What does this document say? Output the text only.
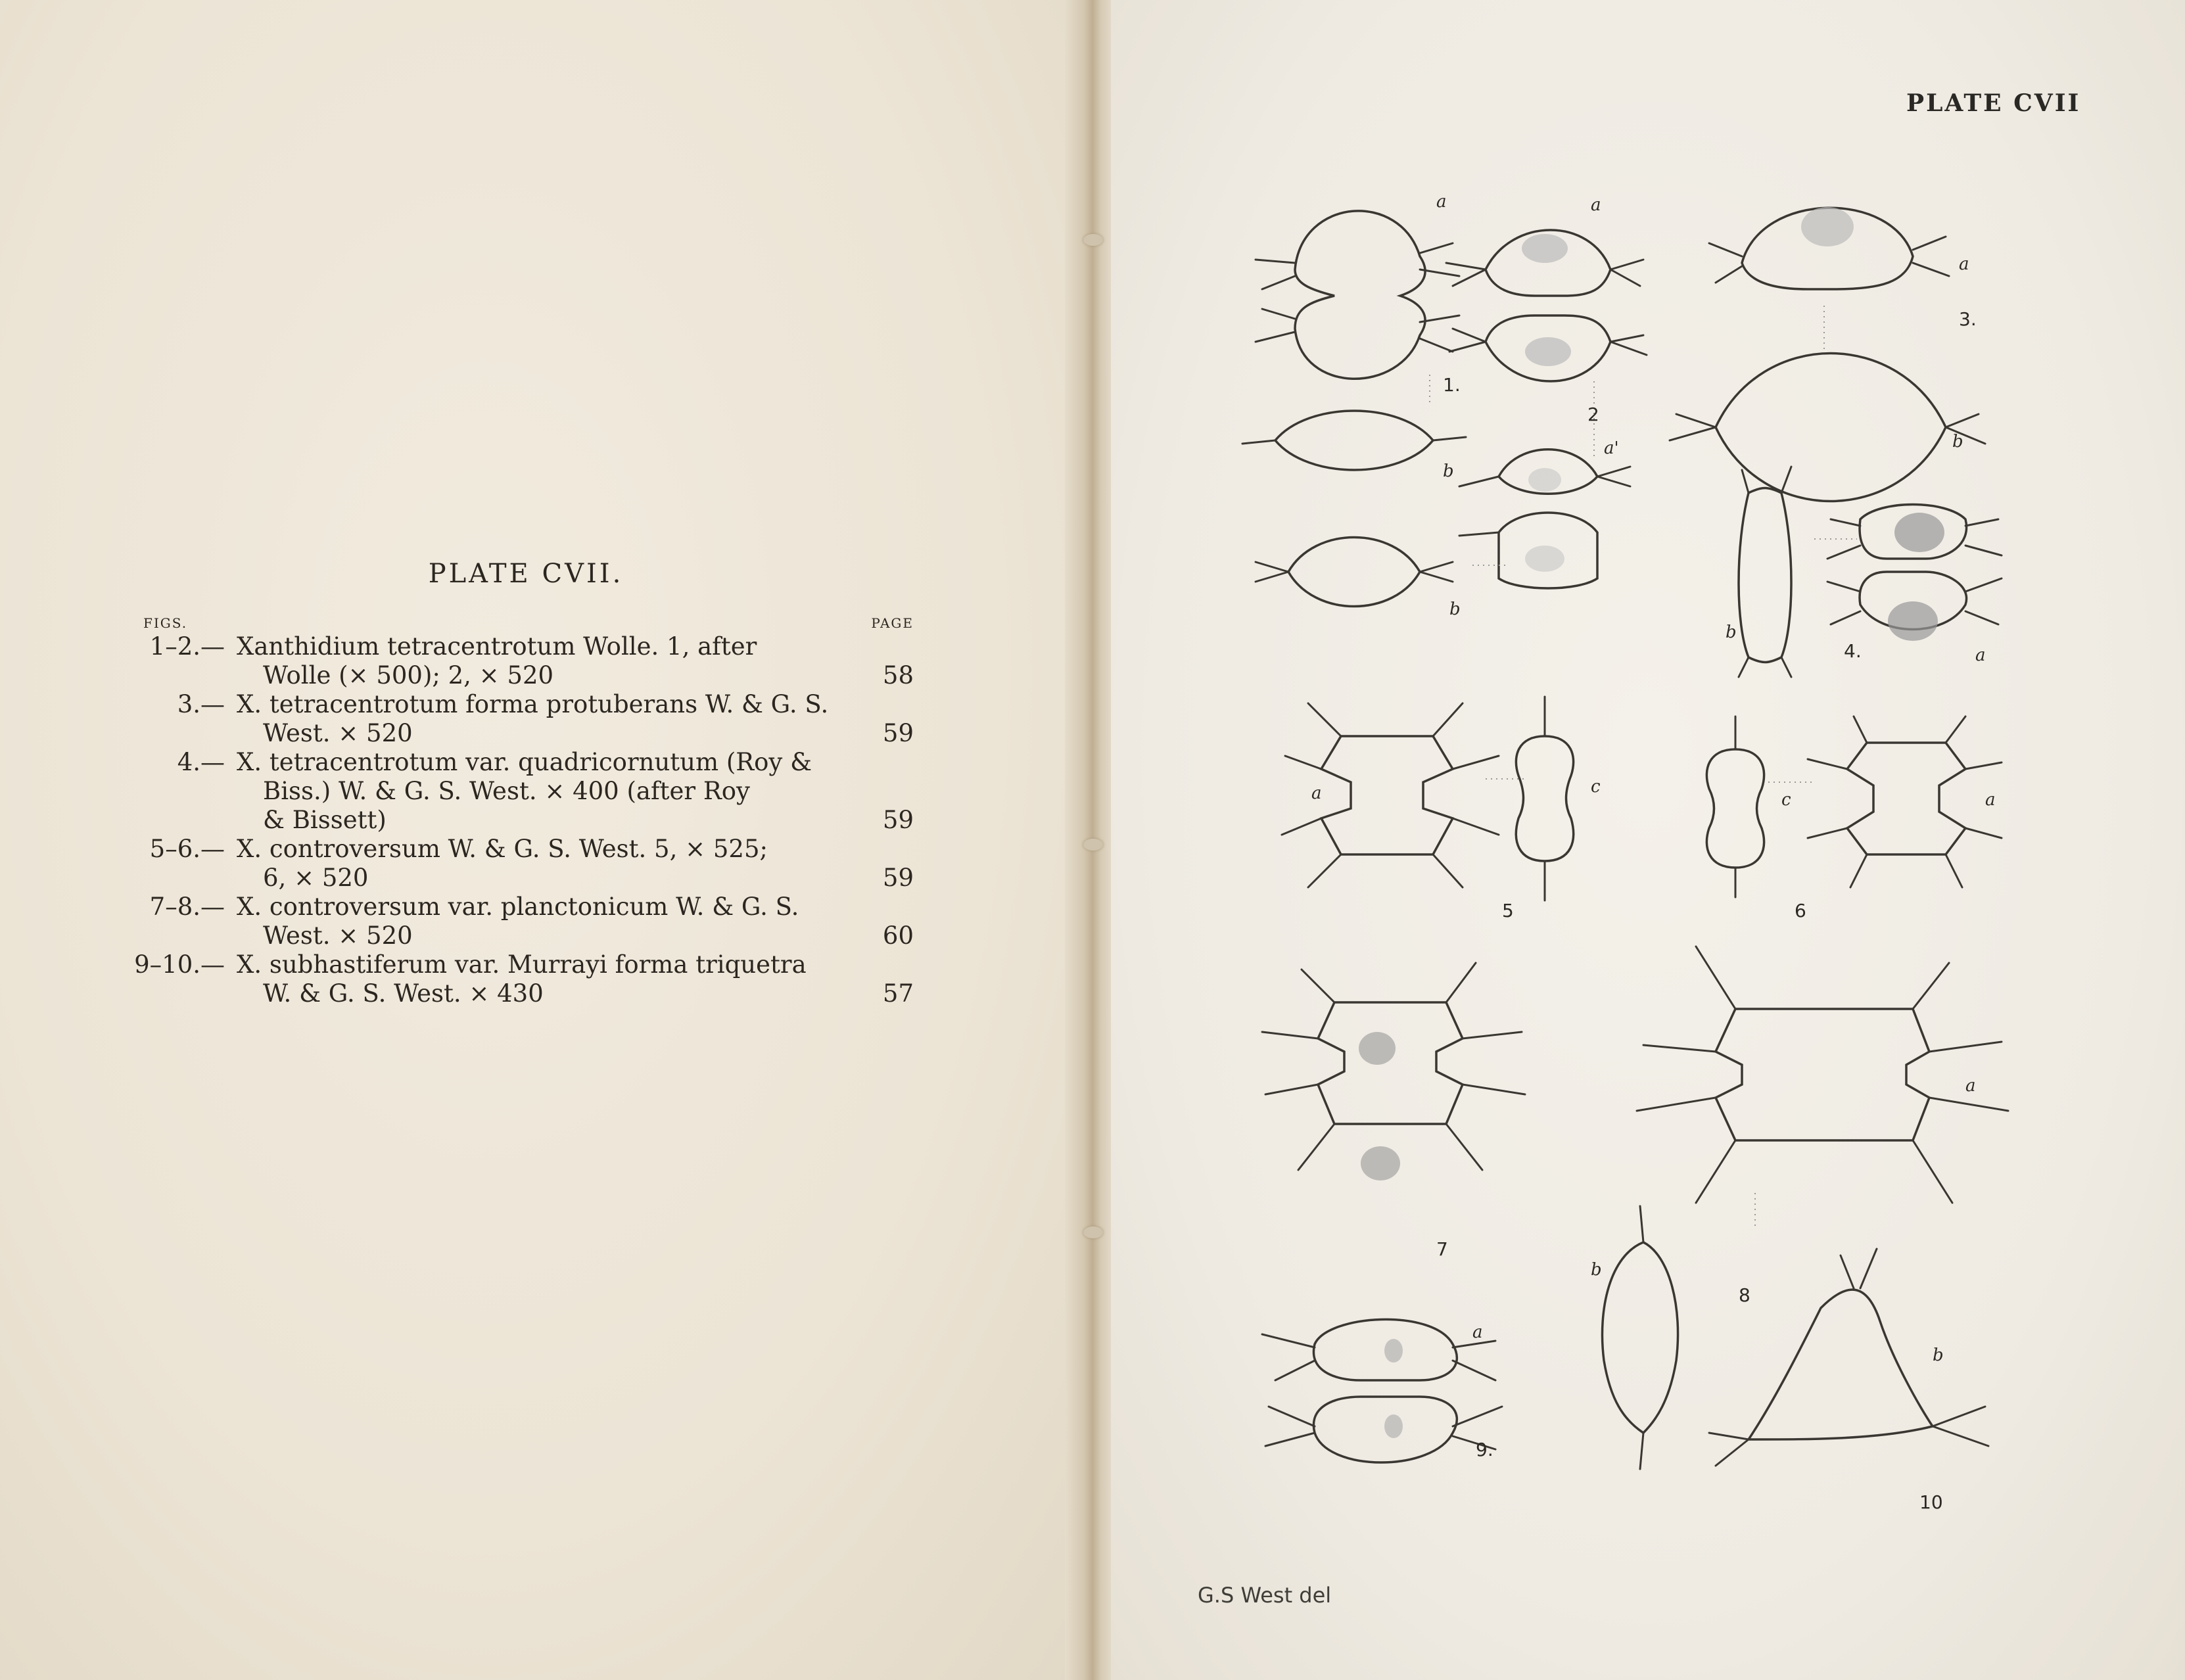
PLATE CVII.
FIGS.	PAGE
1–2.— Xanthidium tetracentrotum Wolle. 1, after
Wolle (× 500); 2, × 520	58
3.— X. tetracentrotum forma protuberans W. & G. S.
West. × 520	59
4.— X. tetracentrotum var. quadricornutum (Roy &
Biss.) W. & G. S. West. × 400 (after Roy
& Bissett)	59
5–6.— X. controversum W. & G. S. West. 5, × 525;
6, × 520	59
7–8.— X. controversum var. planctonicum W. & G. S.
West. × 520	60
9–10.— X. subhastiferum var. Murrayi forma triquetra
W. & G. S. West. × 430	57
PLATE CVII
a
1.
b
b
a
2
a'
a
3.
b
b
4.	a
a	c
5
c	a
6
7
a
8
b
b
a
9.
10
G.S West del
